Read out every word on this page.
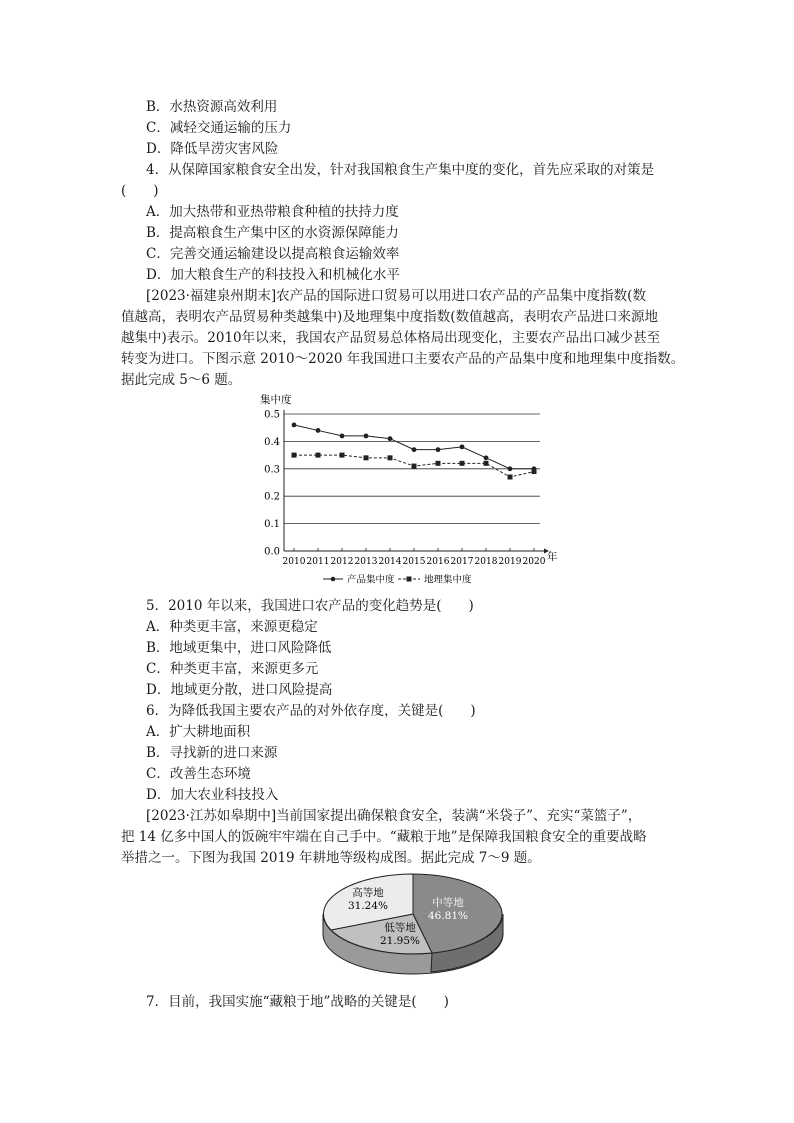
B．水热资源高效利用
C．减轻交通运输的压力
D．降低旱涝灾害风险
4．从保障国家粮食安全出发，针对我国粮食生产集中度的变化，首先应采取的对策是
(　　)
A．加大热带和亚热带粮食种植的扶持力度
B．提高粮食生产集中区的水资源保障能力
C．完善交通运输建设以提高粮食运输效率
D．加大粮食生产的科技投入和机械化水平
[2023·福建泉州期末]农产品的国际进口贸易可以用进口农产品的产品集中度指数(数
值越高，表明农产品贸易种类越集中)及地理集中度指数(数值越高，表明农产品进口来源地
越集中)表示。2010年以来，我国农产品贸易总体格局出现变化，主要农产品出口减少甚至
转变为进口。下图示意 2010～2020 年我国进口主要农产品的产品集中度和地理集中度指数。
据此完成 5～6 题。
集中度
年
0.0
0.1
0.2
0.3
0.4
0.5
2010 2011 2012 2013 2014 2015 2016 2017 2018 2019 2020
产品集中度	地理集中度
5．2010 年以来，我国进口农产品的变化趋势是(　　)
A．种类更丰富，来源更稳定
B．地域更集中，进口风险降低
C．种类更丰富，来源更多元
D．地域更分散，进口风险提高
6．为降低我国主要农产品的对外依存度，关键是(　　)
A．扩大耕地面积
B．寻找新的进口来源
C．改善生态环境
D．加大农业科技投入
[2023·江苏如皋期中]当前国家提出确保粮食安全，装满“米袋子”、充实“菜篮子”，
把 14 亿多中国人的饭碗牢牢端在自己手中。“藏粮于地”是保障我国粮食安全的重要战略
举措之一。下图为我国 2019 年耕地等级构成图。据此完成 7～9 题。
中等地
46.81%
低等地
21.95%
高等地
31.24%
7．目前，我国实施“藏粮于地”战略的关键是(　　)
